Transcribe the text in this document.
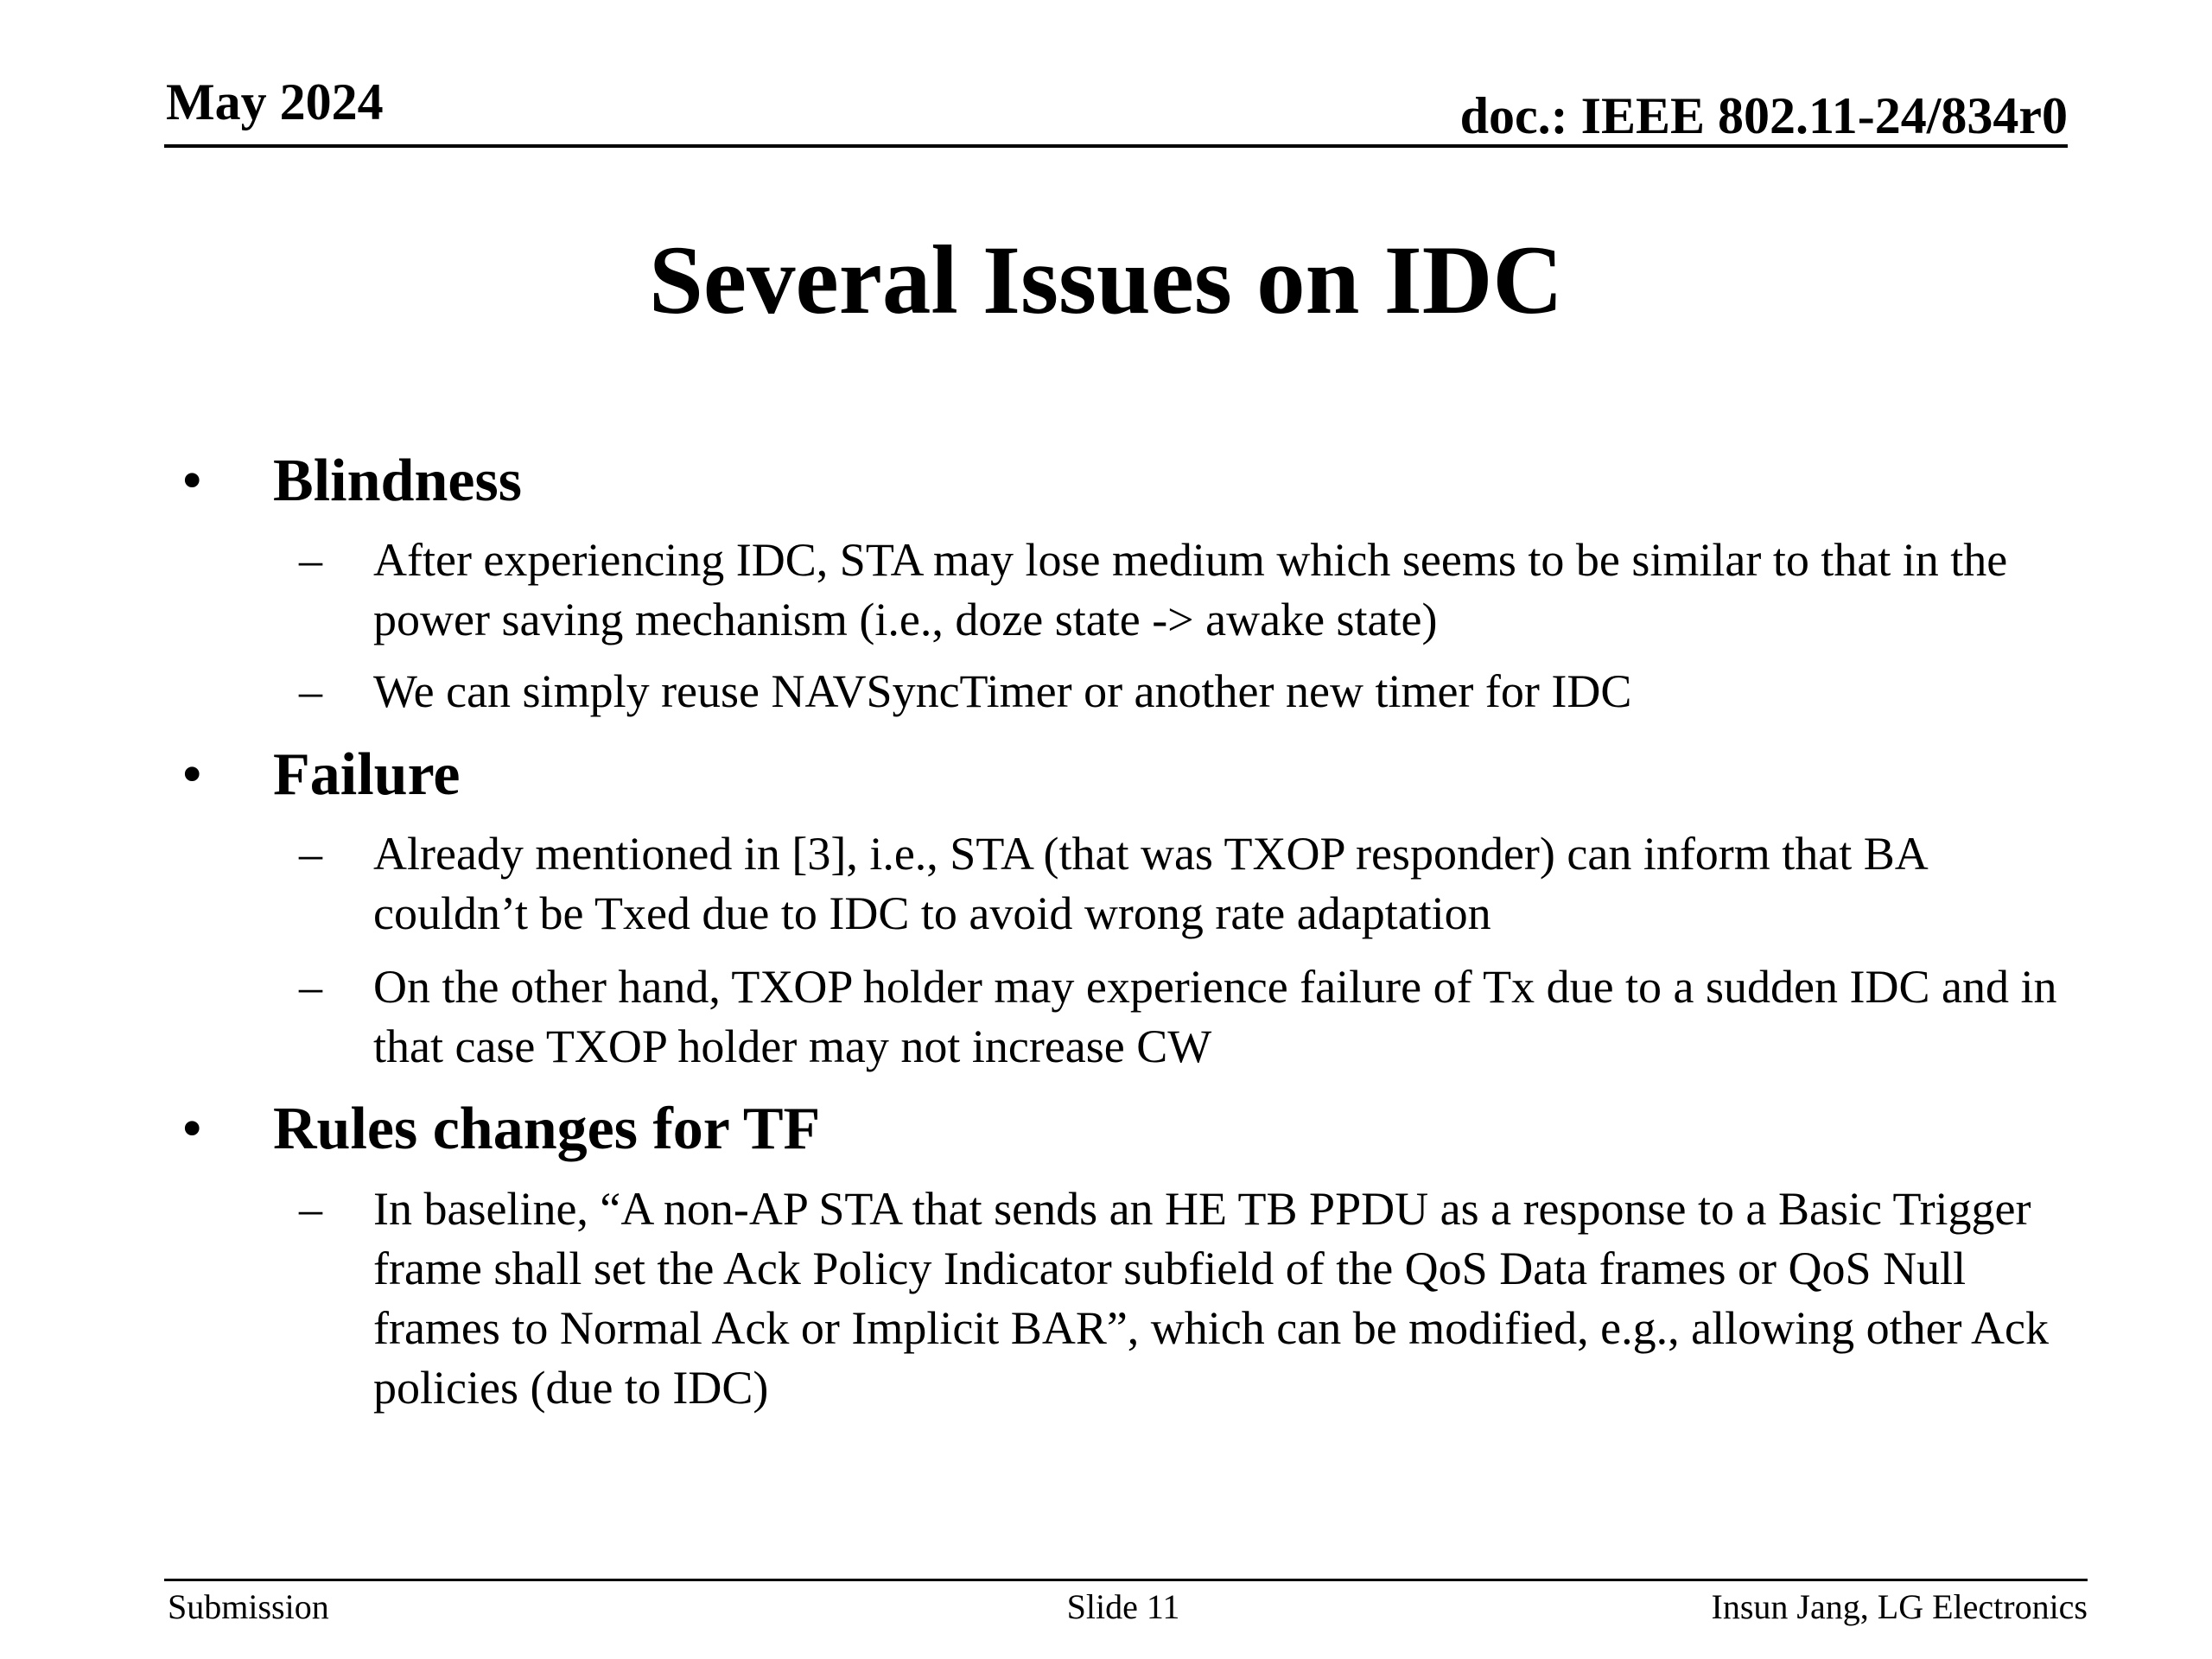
May 2024	doc.: IEEE 802.11-24/834r0
Several Issues on IDC
• Blindness
– After experiencing IDC, STA may lose medium which seems to be similar to that in the power saving mechanism (i.e., doze state -> awake state)
– We can simply reuse NAVSyncTimer or another new timer for IDC
• Failure
– Already mentioned in [3], i.e., STA (that was TXOP responder) can inform that BA couldn’t be Txed due to IDC to avoid wrong rate adaptation
– On the other hand, TXOP holder may experience failure of Tx due to a sudden IDC and in that case TXOP holder may not increase CW
• Rules changes for TF
– In baseline, “A non-AP STA that sends an HE TB PPDU as a response to a Basic Trigger frame shall set the Ack Policy Indicator subfield of the QoS Data frames or QoS Null frames to Normal Ack or Implicit BAR”, which can be modified, e.g., allowing other Ack policies (due to IDC)
Submission	Slide 11	Insun Jang, LG Electronics
